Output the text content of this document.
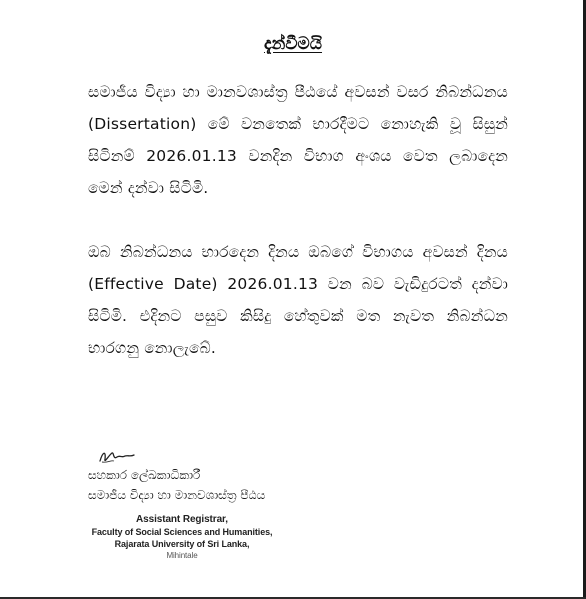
දැන්වීමයි
සමාජීය විද්‍යා හා මානවශාස්ත්‍ර පීඨයේ අවසන් වසර නිබන්ධනය (Dissertation) මේ වනතෙක් භාරදීමට නොහැකි වූ සිසුන් සිටිනම් 2026.01.13 වනදින විභාග අංශය වෙත ලබාදෙන මෙන් දන්වා සිටිමි.
ඔබ නිබන්ධනය භාරදෙන දිනය ඔබගේ විභාගය අවසන් දිනය (Effective Date) 2026.01.13 වන බව වැඩිදුරටත් දන්වා සිටිමි. එදිනට පසුව කිසිදු හේතුවක් මත නැවත නිබන්ධන භාරගනු නොලැබේ.
සහකාර ලේඛකාධිකාරී
සමාජීය විද්‍යා හා මානවශාස්ත්‍ර පීඨය
Assistant Registrar,
Faculty of Social Sciences and Humanities,
Rajarata University of Sri Lanka,
Mihintale
